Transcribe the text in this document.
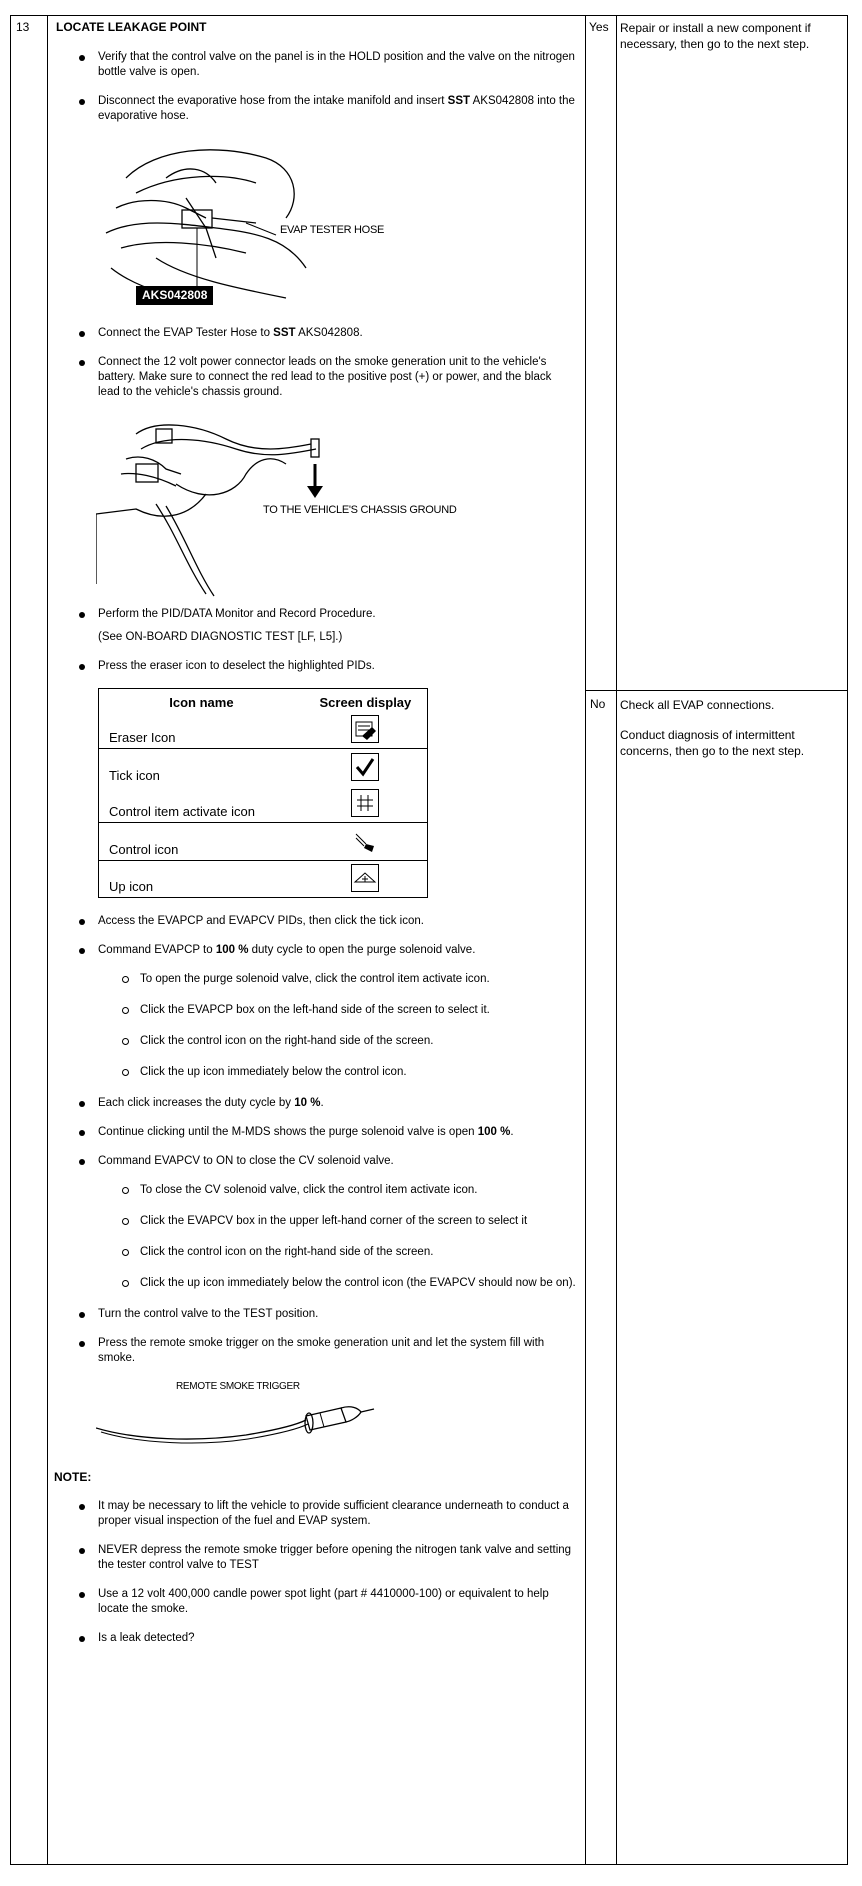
13 LOCATE LEAKAGE POINT	Yes Repair or install a new component if necessary, then go to the next step.

No Check all EVAP connections.

Conduct diagnosis of intermittent concerns, then go to the next step.

Verify that the control valve on the panel is in the HOLD position and the valve on the nitrogen bottle valve is open.
Disconnect the evaporative hose from the intake manifold and insert SST AKS042808 into the evaporative hose.
EVAP TESTER HOSE
AKS042808
Connect the EVAP Tester Hose to SST AKS042808.
Connect the 12 volt power connector leads on the smoke generation unit to the vehicle's battery. Make sure to connect the red lead to the positive post (+) or power, and the black lead to the vehicle's chassis ground.
TO THE VEHICLE'S CHASSIS GROUND
Perform the PID/DATA Monitor and Record Procedure.
(See ON-BOARD DIAGNOSTIC TEST [LF, L5].)
Press the eraser icon to deselect the highlighted PIDs.
Icon name	Screen display
Eraser Icon	
Tick icon	
Control item activate icon	
Control icon	
Up icon	
Access the EVAPCP and EVAPCV PIDs, then click the tick icon.
Command EVAPCP to 100 % duty cycle to open the purge solenoid valve.
To open the purge solenoid valve, click the control item activate icon.
Click the EVAPCP box on the left-hand side of the screen to select it.
Click the control icon on the right-hand side of the screen.
Click the up icon immediately below the control icon.
Each click increases the duty cycle by 10 %.
Continue clicking until the M-MDS shows the purge solenoid valve is open 100 %.
Command EVAPCV to ON to close the CV solenoid valve.
To close the CV solenoid valve, click the control item activate icon.
Click the EVAPCV box in the upper left-hand corner of the screen to select it
Click the control icon on the right-hand side of the screen.
Click the up icon immediately below the control icon (the EVAPCV should now be on).
Turn the control valve to the TEST position.
Press the remote smoke trigger on the smoke generation unit and let the system fill with smoke.
REMOTE SMOKE TRIGGER
NOTE:
It may be necessary to lift the vehicle to provide sufficient clearance underneath to conduct a proper visual inspection of the fuel and EVAP system.
NEVER depress the remote smoke trigger before opening the nitrogen tank valve and setting the tester control valve to TEST
Use a 12 volt 400,000 candle power spot light (part # 4410000-100) or equivalent to help locate the smoke.
Is a leak detected?
